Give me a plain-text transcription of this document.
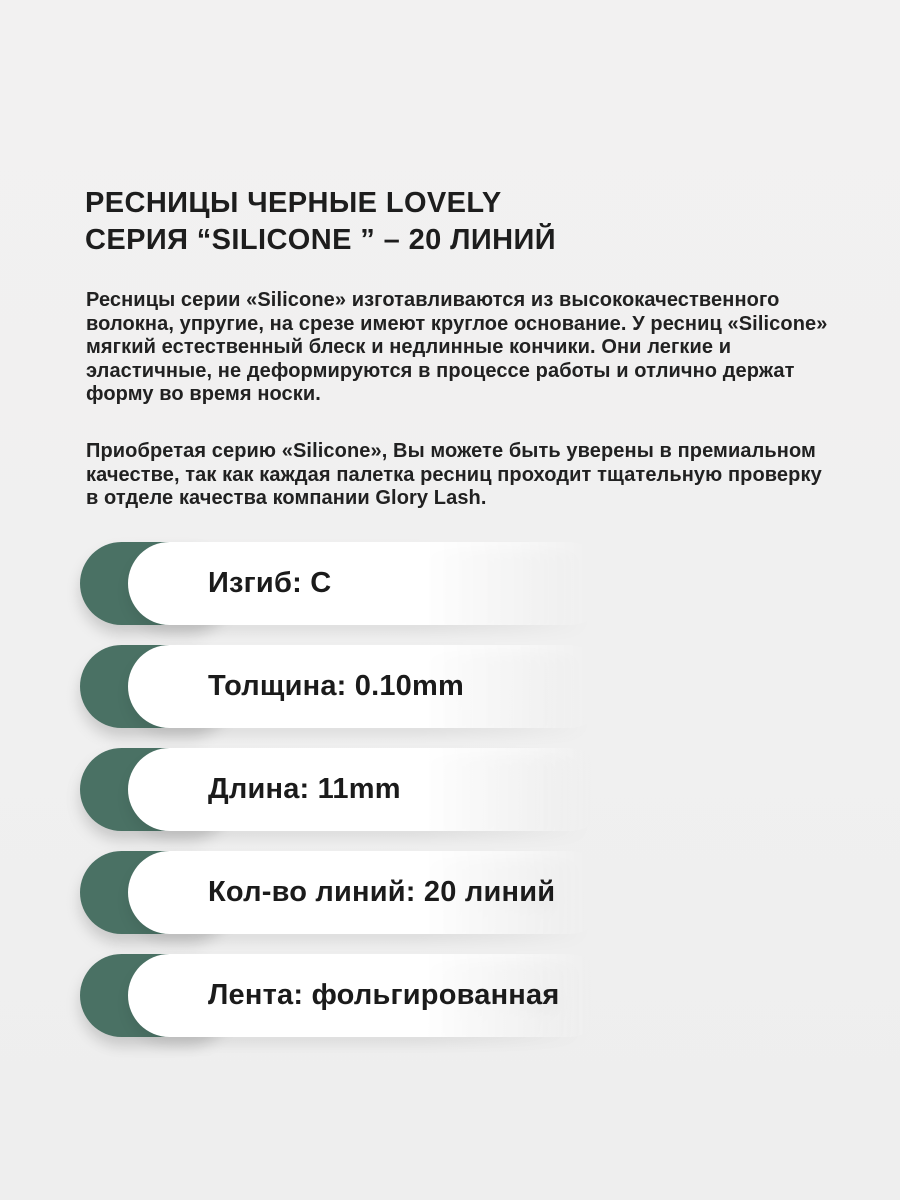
РЕСНИЦЫ ЧЕРНЫЕ LOVELY
СЕРИЯ “SILICONE ” – 20 ЛИНИЙ

Ресницы серии «Silicone» изготавливаются из высококачественного волокна, упругие, на срезе имеют круглое основание. У ресниц «Silicone» мягкий естественный блеск и недлинные кончики. Они легкие и эластичные, не деформируются в процессе работы и отлично держат форму во время носки.

Приобретая серию «Silicone», Вы можете быть уверены в премиальном качестве, так как каждая палетка ресниц проходит тщательную проверку в отделе качества компании Glory Lash.

Изгиб: C
Толщина: 0.10mm
Длина: 11mm
Кол-во линий: 20 линий
Лента: фольгированная
